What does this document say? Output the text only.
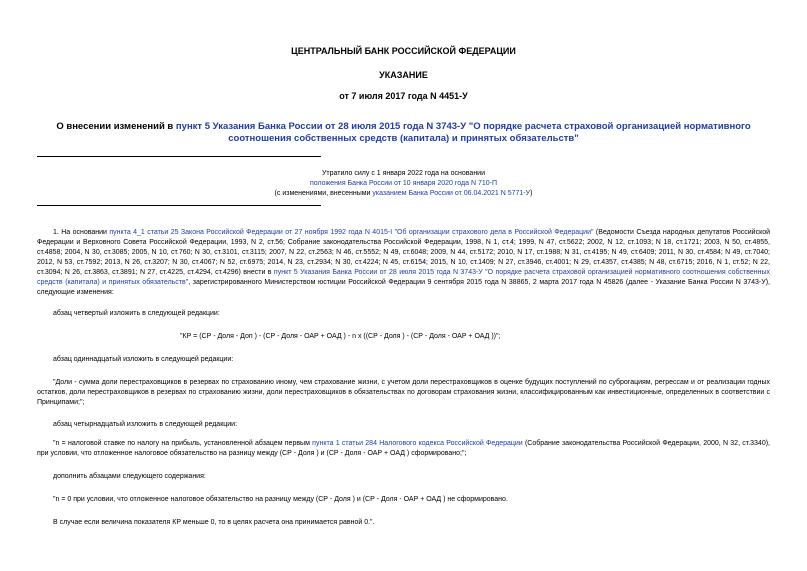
ЦЕНТРАЛЬНЫЙ БАНК РОССИЙСКОЙ ФЕДЕРАЦИИ
УКАЗАНИЕ
от 7 июля 2017 года N 4451-У
О внесении изменений в пункт 5 Указания Банка России от 28 июля 2015 года N 3743-У "О порядке расчета страховой организацией нормативного соотношения собственных средств (капитала) и принятых обязательств"
Утратило силу с 1 января 2022 года на основании
положения Банка России от 10 января 2020 года N 710-П
(с изменениями, внесенными указанием Банка России от 06.04.2021 N 5771-У)
1. На основании пункта 4_1 статьи 25 Закона Российской Федерации от 27 ноября 1992 года N 4015-I "Об организации страхового дела в Российской Федерации" (Ведомости Съезда народных депутатов Российской Федерации и Верховного Совета Российской Федерации, 1993, N 2, ст.56; Собрание законодательства Российской Федерации, 1998, N 1, ст.4; 1999, N 47, ст.5622; 2002, N 12, ст.1093; N 18, ст.1721; 2003, N 50, ст.4855, ст.4858; 2004, N 30, ст.3085; 2005, N 10, ст.760; N 30, ст.3101, ст.3115; 2007, N 22, ст.2563; N 46, ст.5552; N 49, ст.6048; 2009, N 44, ст.5172; 2010, N 17, ст.1988; N 31, ст.4195; N 49, ст.6409; 2011, N 30, ст.4584; N 49, ст.7040; 2012, N 53, ст.7592; 2013, N 26, ст.3207; N 30, ст.4067; N 52, ст.6975; 2014, N 23, ст.2934; N 30, ст.4224; N 45, ст.6154; 2015, N 10, ст.1409; N 27, ст.3946, ст.4001; N 29, ст.4357, ст.4385; N 48, ст.6715; 2016, N 1, ст.52; N 22, ст.3094; N 26, ст.3863, ст.3891; N 27, ст.4225, ст.4294, ст.4296) внести в пункт 5 Указания Банка России от 28 июля 2015 года N 3743-У "О порядке расчета страховой организацией нормативного соотношения собственных средств (капитала) и принятых обязательств", зарегистрированного Министерством юстиции Российской Федерации 9 сентября 2015 года N 38865, 2 марта 2017 года N 45826 (далее - Указание Банка России N 3743-У), следующие изменения:
абзац четвертый изложить в следующей редакции:
"КР = (СР - Доля - Доп ) - (СР - Доля - ОАР + ОАД ) - n x ((СР - Доля ) - (СР - Доля - ОАР + ОАД ))";
абзац одиннадцатый изложить в следующей редакции:
"Доли - сумма доли перестраховщиков в резервах по страхованию иному, чем страхование жизни, с учетом доли перестраховщиков в оценке будущих поступлений по суброгациям, регрессам и от реализации годных остатков, доли перестраховщиков в резервах по страхованию жизни, доли перестраховщиков в обязательствах по договорам страхования жизни, классифицированным как инвестиционные, определенных в соответствии с Принципами;";
абзац четырнадцатый изложить в следующей редакции:
"n = налоговой ставке по налогу на прибыль, установленной абзацем первым пункта 1 статьи 284 Налогового кодекса Российской Федерации (Собрание законодательства Российской Федерации, 2000, N 32, ст.3340), при условии, что отложенное налоговое обязательство на разницу между (СР - Доля ) и (СР - Доля - ОАР + ОАД ) сформировано;";
дополнить абзацами следующего содержания:
"n = 0 при условии, что отложенное налоговое обязательство на разницу между (СР - Доля ) и (СР - Доля - ОАР + ОАД ) не сформировано.
В случае если величина показателя КР меньше 0, то в целях расчета она принимается равной 0.".
